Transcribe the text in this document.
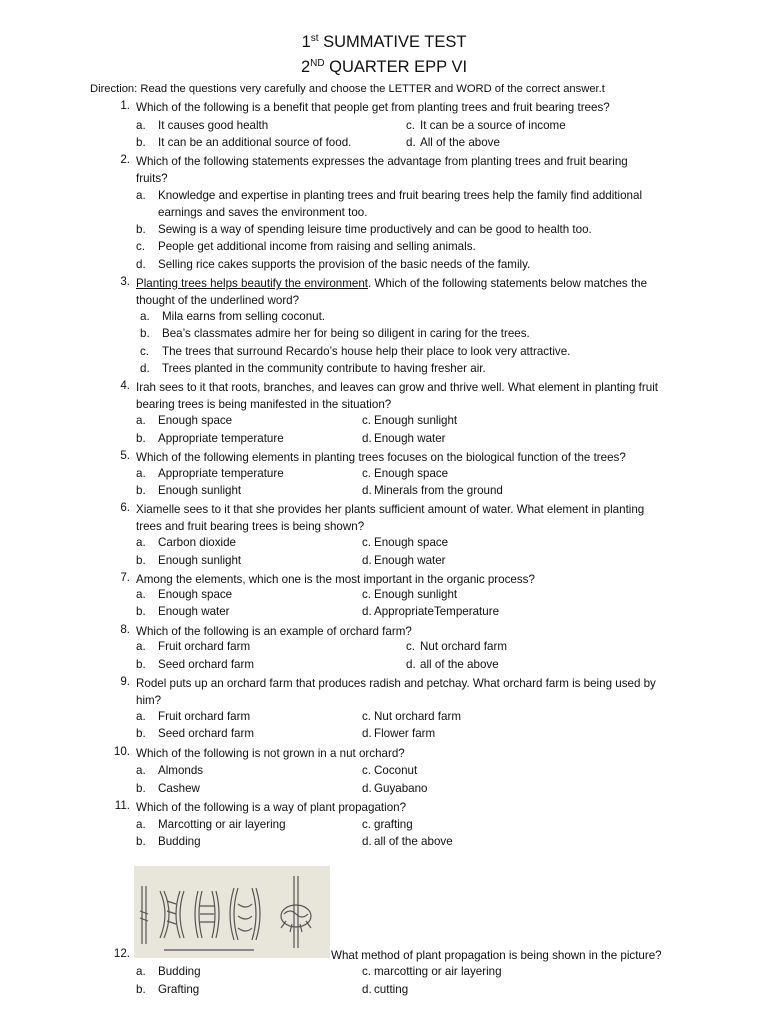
1st SUMMATIVE TEST
2ND QUARTER EPP VI
Direction: Read the questions very carefully and choose the LETTER and WORD of the correct answer.t
1. Which of the following is a benefit that people get from planting trees and fruit bearing trees?
a. It causes good health	c. It can be a source of income
b. It can be an additional source of food.	d. All of the above
2. Which of the following statements expresses the advantage from planting trees and fruit bearing
fruits?
a. Knowledge and expertise in planting trees and fruit bearing trees help the family find additional
earnings and saves the environment too.
b. Sewing is a way of spending leisure time productively and can be good to health too.
c. People get additional income from raising and selling animals.
d. Selling rice cakes supports the provision of the basic needs of the family.
3. Planting trees helps beautify the environment. Which of the following statements below matches the
thought of the underlined word?
a. Mila earns from selling coconut.
b. Bea’s classmates admire her for being so diligent in caring for the trees.
c. The trees that surround Recardo’s house help their place to look very attractive.
d. Trees planted in the community contribute to having fresher air.
4. Irah sees to it that roots, branches, and leaves can grow and thrive well. What element in planting fruit
bearing trees is being manifested in the situation?
a. Enough space	c. Enough sunlight
b. Appropriate temperature	d. Enough water
5. Which of the following elements in planting trees focuses on the biological function of the trees?
a. Appropriate temperature	c. Enough space
b. Enough sunlight	d. Minerals from the ground
6. Xiamelle sees to it that she provides her plants sufficient amount of water. What element in planting
trees and fruit bearing trees is being shown?
a. Carbon dioxide	c. Enough space
b. Enough sunlight	d. Enough water
7. Among the elements, which one is the most important in the organic process?
a. Enough space	c. Enough sunlight
b. Enough water	d. AppropriateTemperature
8. Which of the following is an example of orchard farm?
a. Fruit orchard farm	c. Nut orchard farm
b. Seed orchard farm	d. all of the above
9. Rodel puts up an orchard farm that produces radish and petchay. What orchard farm is being used by
him?
a. Fruit orchard farm	c. Nut orchard farm
b. Seed orchard farm	d. Flower farm
10. Which of the following is not grown in a nut orchard?
a. Almonds	c. Coconut
b. Cashew	d. Guyabano
11. Which of the following is a way of plant propagation?
a. Marcotting or air layering	c. grafting
b. Budding	d. all of the above
12.	What method of plant propagation is being shown in the picture?
a. Budding	c. marcotting or air layering
b. Grafting	d. cutting
